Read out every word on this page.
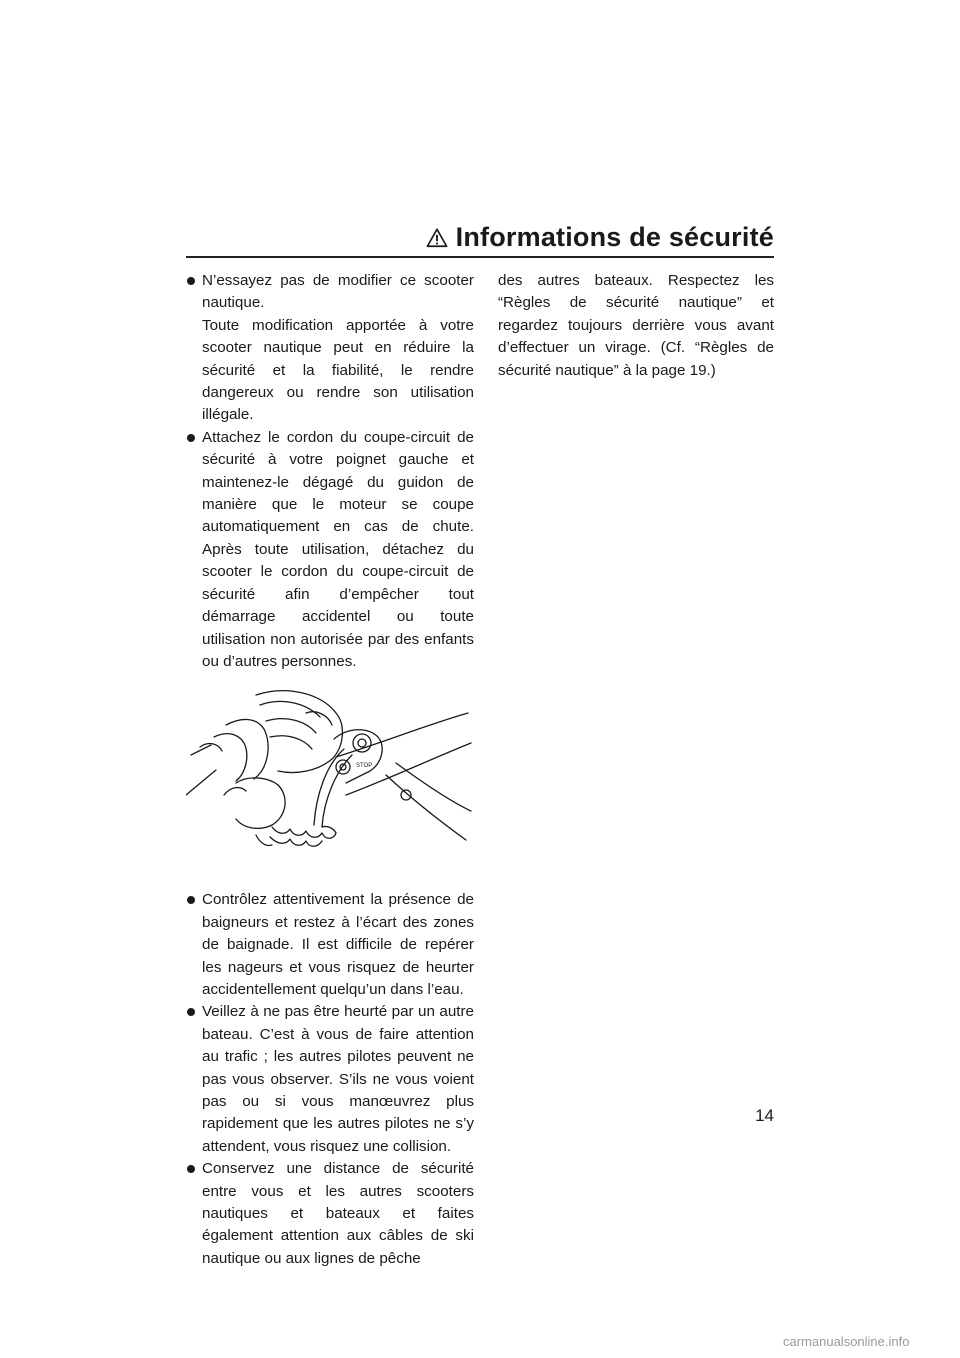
Informations de sécurité

N’essayez pas de modifier ce scooter nautique.

Toute modification apportée à votre scooter nautique peut en réduire la sécurité et la fiabilité, le rendre dangereux ou rendre son utilisation illégale.

Attachez le cordon du coupe-circuit de sécurité à votre poignet gauche et maintenez-le dégagé du guidon de manière que le moteur se coupe automatiquement en cas de chute. Après toute utilisation, détachez du scooter le cordon du coupe-circuit de sécurité afin d’empêcher tout démarrage accidentel ou toute utilisation non autorisée par des enfants ou d’autres personnes.

STOP

Contrôlez attentivement la présence de baigneurs et restez à l’écart des zones de baignade. Il est difficile de repérer les nageurs et vous risquez de heurter accidentellement quelqu’un dans l’eau.

Veillez à ne pas être heurté par un autre bateau. C’est à vous de faire attention au trafic ; les autres pilotes peuvent ne pas vous observer. S’ils ne vous voient pas ou si vous manœuvrez plus rapidement que les autres pilotes ne s’y attendent, vous risquez une collision.

Conservez une distance de sécurité entre vous et les autres scooters nautiques et bateaux et faites également attention aux câbles de ski nautique ou aux lignes de pêche

des autres bateaux. Respectez les “Règles de sécurité nautique” et regardez toujours derrière vous avant d’effectuer un virage. (Cf. “Règles de sécurité nautique” à la page 19.)

14
carmanualsonline.info
